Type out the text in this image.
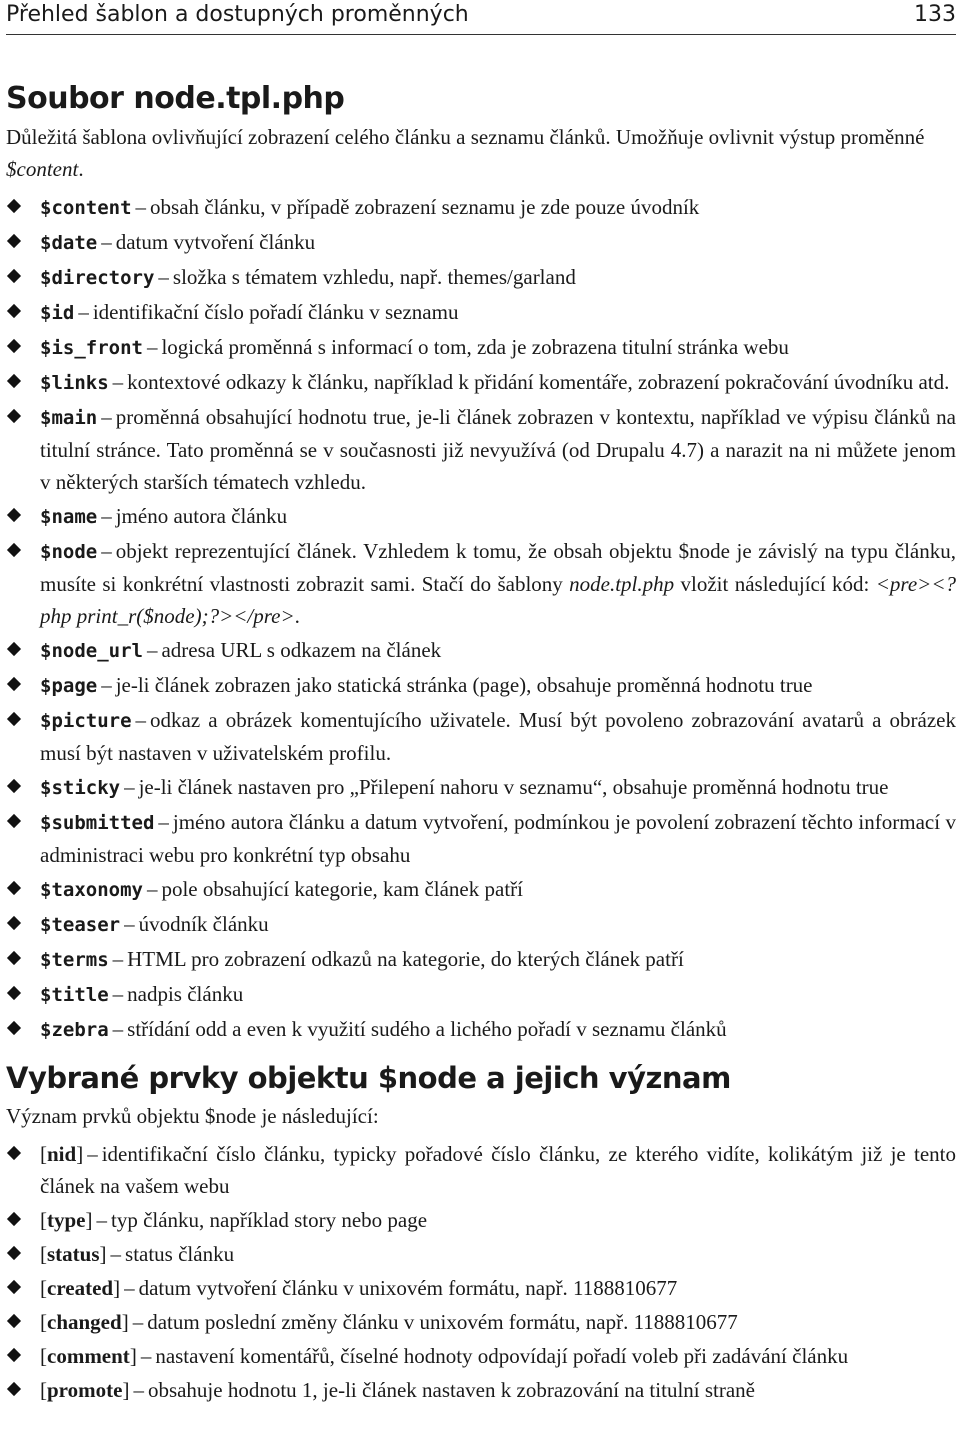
Přehled šablon a dostupných proměnných	133
Soubor node.tpl.php

Důležitá šablona ovlivňující zobrazení celého článku a seznamu článků. Umožňuje ovlivnit výstup proměnné $content.

$content – obsah článku, v případě zobrazení seznamu je zde pouze úvodník
$date – datum vytvoření článku
$directory – složka s tématem vzhledu, např. themes/garland
$id – identifikační číslo pořadí článku v seznamu
$is_front – logická proměnná s informací o tom, zda je zobrazena titulní stránka webu
$links – kontextové odkazy k článku, například k přidání komentáře, zobrazení pokračování úvodníku atd.
$main – proměnná obsahující hodnotu true, je-li článek zobrazen v kontextu, například ve výpisu článků na titulní stránce. Tato proměnná se v současnosti již nevyužívá (od Drupalu 4.7) a narazit na ni můžete jenom v některých starších tématech vzhledu.
$name – jméno autora článku
$node – objekt reprezentující článek. Vzhledem k tomu, že obsah objektu $node je závislý na typu článku, musíte si konkrétní vlastnosti zobrazit sami. Stačí do šablony node.tpl.php vložit následující kód: <pre><?php print_r($node);?></pre>.
$node_url – adresa URL s odkazem na článek
$page – je-li článek zobrazen jako statická stránka (page), obsahuje proměnná hodnotu true
$picture – odkaz a obrázek komentujícího uživatele. Musí být povoleno zobrazování avatarů a obrázek musí být nastaven v uživatelském profilu.
$sticky – je-li článek nastaven pro „Přilepení nahoru v seznamu“, obsahuje proměnná hodnotu true
$submitted – jméno autora článku a datum vytvoření, podmínkou je povolení zobrazení těchto informací v administraci webu pro konkrétní typ obsahu
$taxonomy – pole obsahující kategorie, kam článek patří
$teaser – úvodník článku
$terms – HTML pro zobrazení odkazů na kategorie, do kterých článek patří
$title – nadpis článku
$zebra – střídání odd a even k využití sudého a lichého pořadí v seznamu článků
Vybrané prvky objektu $node a jejich význam

Význam prvků objektu $node je následující:

[nid] – identifikační číslo článku, typicky pořadové číslo článku, ze kterého vidíte, kolikátým již je tento článek na vašem webu
[type] – typ článku, například story nebo page
[status] – status článku
[created] – datum vytvoření článku v unixovém formátu, např. 1188810677
[changed] – datum poslední změny článku v unixovém formátu, např. 1188810677
[comment] – nastavení komentářů, číselné hodnoty odpovídají pořadí voleb při zadávání článku
[promote] – obsahuje hodnotu 1, je-li článek nastaven k zobrazování na titulní straně
